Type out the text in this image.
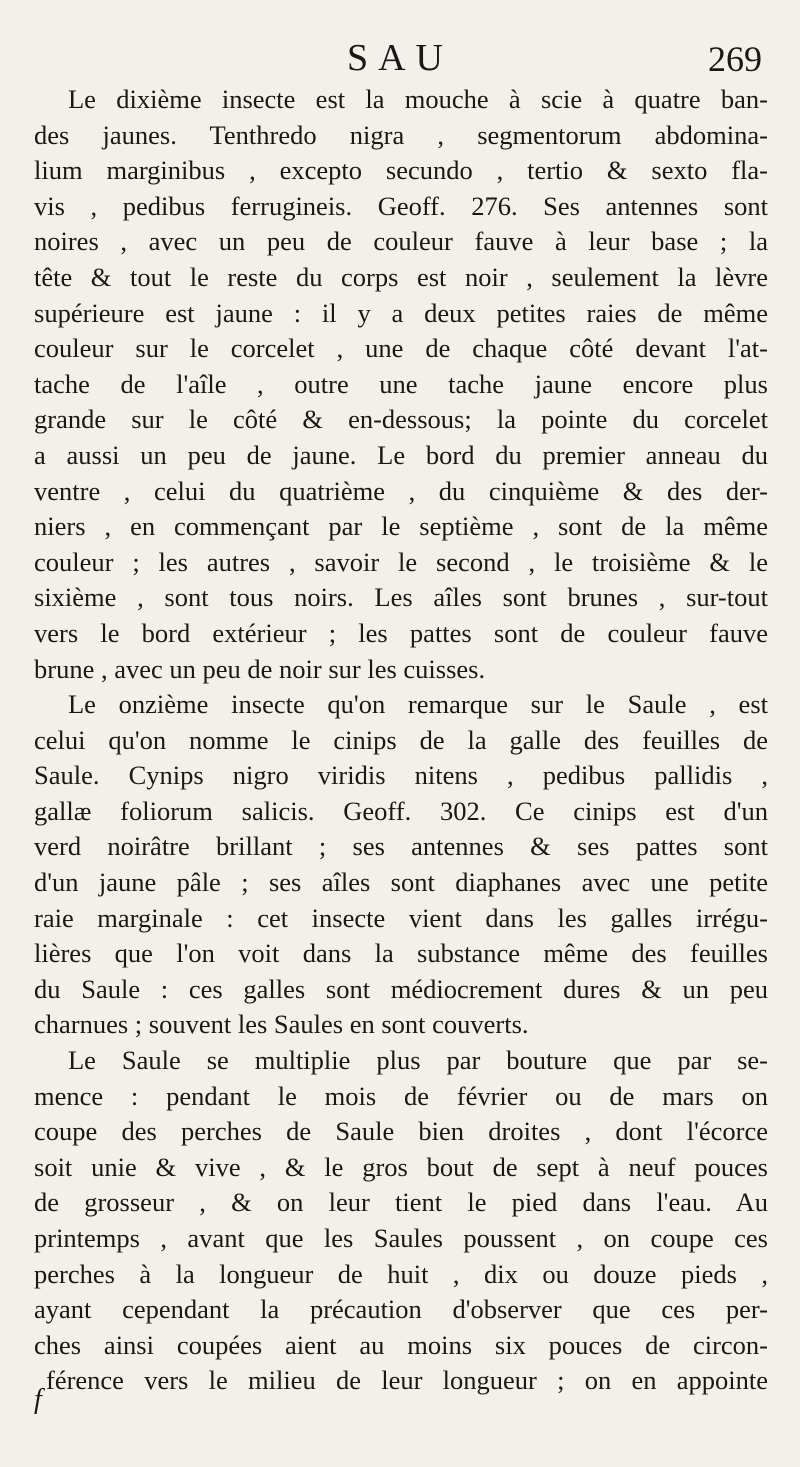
SAU	269
Le dixième insecte est la mouche à scie à quatre ban-
des jaunes. Tenthredo nigra , segmentorum abdomina-
lium marginibus , excepto secundo , tertio & sexto fla-
vis , pedibus ferrugineis. Geoff. 276. Ses antennes sont
noires , avec un peu de couleur fauve à leur base ; la
tête & tout le reste du corps est noir , seulement la lèvre
supérieure est jaune : il y a deux petites raies de même
couleur sur le corcelet , une de chaque côté devant l'at-
tache de l'aîle , outre une tache jaune encore plus
grande sur le côté & en-dessous; la pointe du corcelet
a aussi un peu de jaune. Le bord du premier anneau du
ventre , celui du quatrième , du cinquième & des der-
niers , en commençant par le septième , sont de la même
couleur ; les autres , savoir le second , le troisième & le
sixième , sont tous noirs. Les aîles sont brunes , sur-tout
vers le bord extérieur ; les pattes sont de couleur fauve
brune , avec un peu de noir sur les cuisses.
Le onzième insecte qu'on remarque sur le Saule , est
celui qu'on nomme le cinips de la galle des feuilles de
Saule. Cynips nigro viridis nitens , pedibus pallidis ,
gallæ foliorum salicis. Geoff. 302. Ce cinips est d'un
verd noirâtre brillant ; ses antennes & ses pattes sont
d'un jaune pâle ; ses aîles sont diaphanes avec une petite
raie marginale : cet insecte vient dans les galles irrégu-
lières que l'on voit dans la substance même des feuilles
du Saule : ces galles sont médiocrement dures & un peu
charnues ; souvent les Saules en sont couverts.
Le Saule se multiplie plus par bouture que par se-
mence : pendant le mois de février ou de mars on
coupe des perches de Saule bien droites , dont l'écorce
soit unie & vive , & le gros bout de sept à neuf pouces
de grosseur , & on leur tient le pied dans l'eau. Au
printemps , avant que les Saules poussent , on coupe ces
perches à la longueur de huit , dix ou douze pieds ,
ayant cependant la précaution d'observer que ces per-
ches ainsi coupées aient au moins six pouces de circon-
férence vers le milieu de leur longueur ; on en appointe
f
